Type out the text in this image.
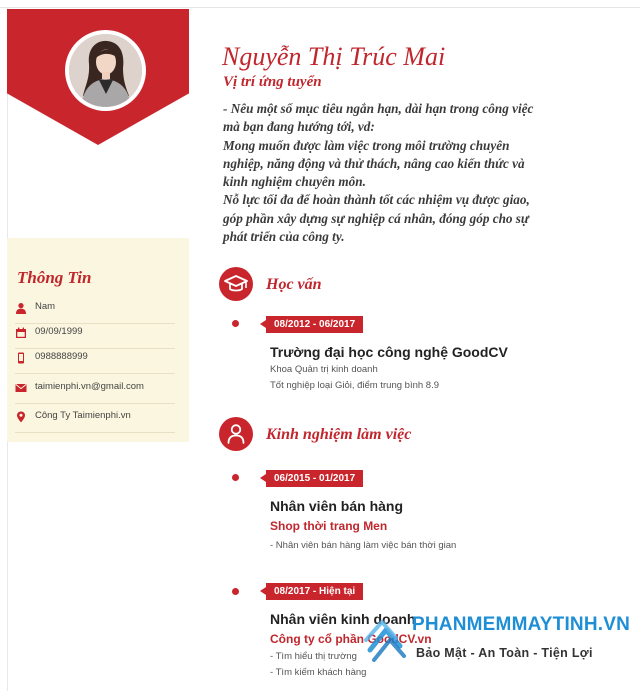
Nguyễn Thị Trúc Mai
Vị trí ứng tuyển
- Nêu một số mục tiêu ngắn hạn, dài hạn trong công việc
mà bạn đang hướng tới, vd:
Mong muốn được làm việc trong môi trường chuyên
nghiệp, năng động và thử thách, nâng cao kiến thức và
kinh nghiệm chuyên môn.
Nỗ lực tối đa để hoàn thành tốt các nhiệm vụ được giao,
góp phần xây dựng sự nghiệp cá nhân, đóng góp cho sự
phát triển của công ty.
Thông Tin
Nam
09/09/1999
0988888999
taimienphi.vn@gmail.com
Công Ty Taimienphi.vn
Học vấn
08/2012 - 06/2017
Trường đại học công nghệ GoodCV
Khoa Quản trị kinh doanh
Tốt nghiệp loại Giỏi, điểm trung bình 8.9
Kinh nghiệm làm việc
06/2015 - 01/2017
Nhân viên bán hàng
Shop thời trang Men
- Nhân viên bán hàng làm việc bán thời gian
08/2017 - Hiện tại
Nhân viên kinh doanh
Công ty cổ phần GoodCV.vn
- Tìm hiểu thị trường
- Tìm kiếm khách hàng
PHANMEMMAYTINH.VN
Bảo Mật - An Toàn - Tiện Lợi
